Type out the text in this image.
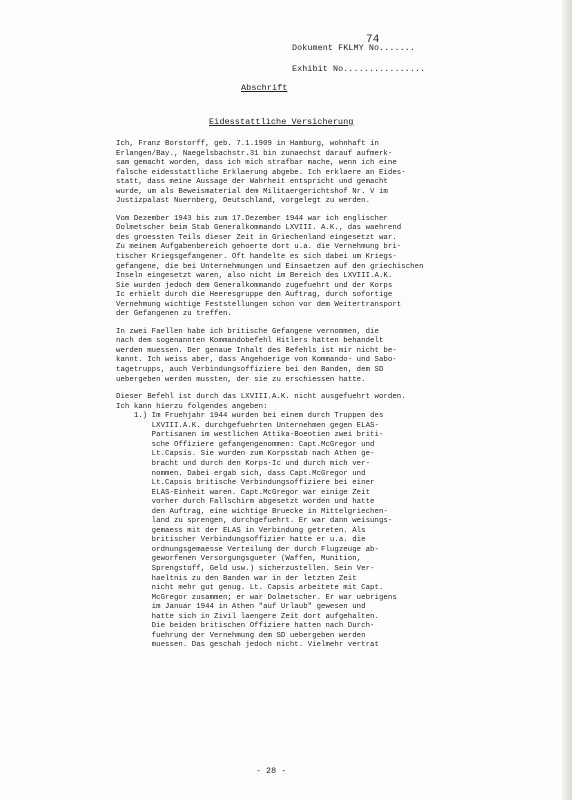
Dokument FKLMY No.......
74
Exhibit No................
Abschrift
Eidesstattliche Versicherung
Ich, Franz Borstorff, geb. 7.1.1909 in Hamburg, wohnhaft in
Erlangen/Bay., Naegelsbachstr.31 bin zunaechst darauf aufmerk-
sam gemacht worden, dass ich mich strafbar mache, wenn ich eine
falsche eidesstattliche Erklaerung abgebe. Ich erklaere an Eides-
statt, dass meine Aussage der Wahrheit entspricht und gemacht
wurde, um als Beweismaterial dem Militaergerichtshof Nr. V im
Justizpalast Nuernberg, Deutschland, vorgelegt zu werden.
Vom Dezember 1943 bis zum 17.Dezember 1944 war ich englischer
Dolmetscher beim Stab Generalkommando LXVIII. A.K., das waehrend
des groessten Teils dieser Zeit in Griechenland eingesetzt war.
Zu meinem Aufgabenbereich gehoerte dort u.a. die Vernehmung bri-
tischer Kriegsgefangener. Oft handelte es sich dabei um Kriegs-
gefangene, die bei Unternehmungen und Einsaetzen auf den griechischen
Inseln eingesetzt waren, also nicht im Bereich des LXVIII.A.K.
Sie wurden jedoch dem Generalkommando zugefuehrt und der Korps
Ic erhielt durch die Heeresgruppe den Auftrag, durch sofortige
Vernehmung wichtige Feststellungen schon vor dem Weitertransport
der Gefangenen zu treffen.
In zwei Faellen habe ich britische Gefangene vernommen, die
nach dem sogenannten Kommandobefehl Hitlers hatten behandelt
werden muessen. Der genaue Inhalt des Befehls ist mir nicht be-
kannt. Ich weiss aber, dass Angehoerige von Kommando- und Sabo-
tagetrupps, auch Verbindungsoffiziere bei den Banden, dem SD
uebergeben werden mussten, der sie zu erschiessen hatte.
Dieser Befehl ist durch das LXVIII.A.K. nicht ausgefuehrt worden.
Ich kann hierzu folgendes angeben:
1.) Im Fruehjahr 1944 wurden bei einem durch Truppen des
LXVIII.A.K. durchgefuehrten Unternehmen gegen ELAS-
Partisanen im westlichen Attika-Boeotien zwei briti-
sche Offiziere gefangengenommen: Capt.McGregor und
Lt.Capsis. Sie wurden zum Korpsstab nach Athen ge-
bracht und durch den Korps-Ic und durch mich ver-
nommen. Dabei ergab sich, dass Capt.McGregor und
Lt.Capsis britische Verbindungsoffiziere bei einer
ELAS-Einheit waren. Capt.McGregor war einige Zeit
vorher durch Fallschirm abgesetzt worden und hatte
den Auftrag, eine wichtige Bruecke in Mittelgriechen-
land zu sprengen, durchgefuehrt. Er war dann weisungs-
gemaess mit der ELAS in Verbindung getreten. Als
britischer Verbindungsoffizier hatte er u.a. die
ordnungsgemaesse Verteilung der durch Flugzeuge ab-
geworfenen Versorgungsgueter (Waffen, Munition,
Sprengstoff, Geld usw.) sicherzustellen. Sein Ver-
haeltnis zu den Banden war in der letzten Zeit
nicht mehr gut genug. Lt. Capsis arbeitete mit Capt.
McGregor zusammen; er war Dolmetscher. Er war uebrigens
im Januar 1944 in Athen "auf Urlaub" gewesen und
hatte sich in Zivil laengere Zeit dort aufgehalten.
Die beiden britischen Offiziere hatten nach Durch-
fuehrung der Vernehmung dem SD uebergeben werden
muessen. Das geschah jedoch nicht. Vielmehr vertrat
- 28 -
